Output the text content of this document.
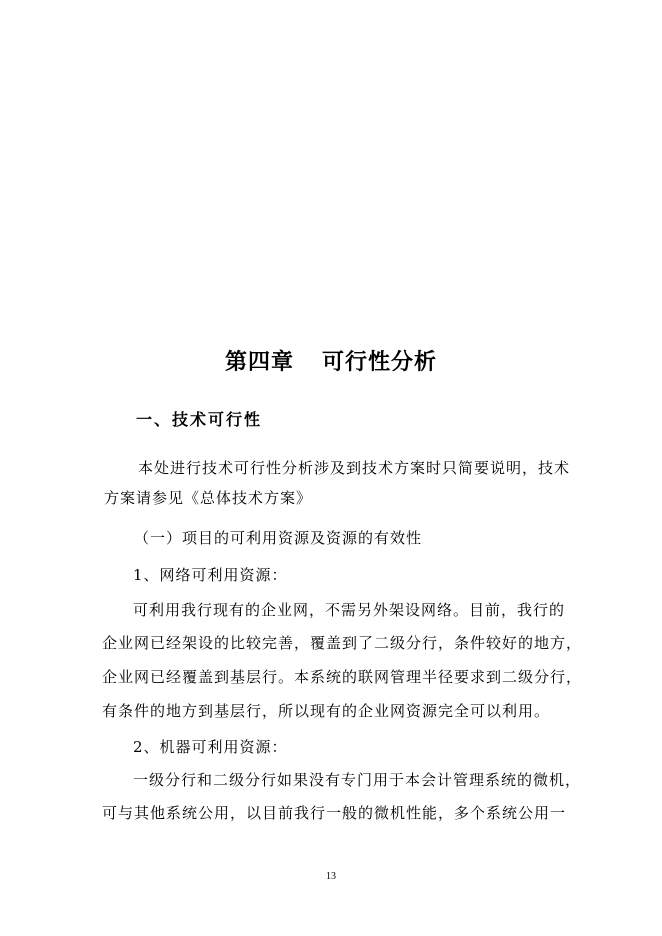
第四章 可行性分析
一、技术可行性
本处进行技术可行性分析涉及到技术方案时只简要说明，技术
方案请参见《总体技术方案》
（一）项目的可利用资源及资源的有效性
1、网络可利用资源：
可利用我行现有的企业网，不需另外架设网络。目前，我行的
企业网已经架设的比较完善，覆盖到了二级分行，条件较好的地方，
企业网已经覆盖到基层行。本系统的联网管理半径要求到二级分行，
有条件的地方到基层行，所以现有的企业网资源完全可以利用。
2、机器可利用资源：
一级分行和二级分行如果没有专门用于本会计管理系统的微机，
可与其他系统公用，以目前我行一般的微机性能，多个系统公用一
13
